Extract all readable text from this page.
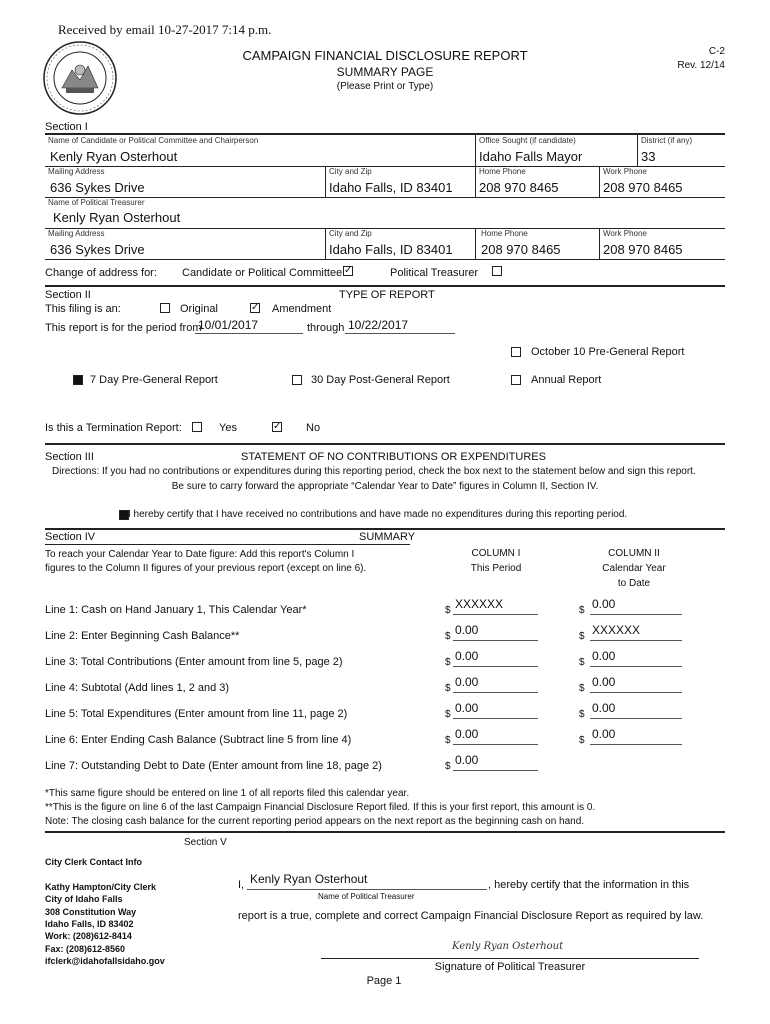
Received by email 10-27-2017 7:14 p.m.
CAMPAIGN FINANCIAL DISCLOSURE REPORT
SUMMARY PAGE
(Please Print or Type)
C-2
Rev. 12/14
Section I
Name of Candidate or Political Committee and Chairperson
Kenly Ryan Osterhout
Office Sought (if candidate)
Idaho Falls Mayor
District (if any)
33
Mailing Address
636 Sykes Drive
City and Zip
Idaho Falls, ID 83401
Home Phone
208 970 8465
Work Phone
208 970 8465
Name of Political Treasurer
Kenly Ryan Osterhout
Mailing Address
636 Sykes Drive
City and Zip
Idaho Falls, ID 83401
Home Phone
208 970 8465
Work Phone
208 970 8465
Change of address for: Candidate or Political Committee ✓	Political Treasurer
Section II	TYPE OF REPORT
This filing is an:	Original	✓ Amendment
This report is for the period from
10/01/2017	through 10/22/2017
October 10 Pre-General Report
7 Day Pre-General Report	30 Day Post-General Report	Annual Report
Is this a Termination Report:	Yes	✓ No
Section III	STATEMENT OF NO CONTRIBUTIONS OR EXPENDITURES
Directions: If you had no contributions or expenditures during this reporting period, check the box next to the statement below and sign this report.
Be sure to carry forward the appropriate “Calendar Year to Date” figures in Column II, Section IV.
I hereby certify that I have received no contributions and have made no expenditures during this reporting period.
Section IV	SUMMARY
To reach your Calendar Year to Date figure: Add this report's Column I
figures to the Column II figures of your previous report (except on line 6).
COLUMN I
This Period
COLUMN II
Calendar Year
to Date
Line 1: Cash on Hand January 1, This Calendar Year*	$ XXXXXX	$ 0.00
Line 2: Enter Beginning Cash Balance**	$ 0.00	$ XXXXXX
Line 3: Total Contributions (Enter amount from line 5, page 2)	$ 0.00	$ 0.00
Line 4: Subtotal (Add lines 1, 2 and 3)	$ 0.00	$ 0.00
Line 5: Total Expenditures (Enter amount from line 11, page 2)	$ 0.00	$ 0.00
Line 6: Enter Ending Cash Balance (Subtract line 5 from line 4)	$ 0.00	$ 0.00
Line 7: Outstanding Debt to Date (Enter amount from line 18, page 2)	$ 0.00
*This same figure should be entered on line 1 of all reports filed this calendar year.
**This is the figure on line 6 of the last Campaign Financial Disclosure Report filed. If this is your first report, this amount is 0.
Note: The closing cash balance for the current reporting period appears on the next report as the beginning cash on hand.
Section V
City Clerk Contact Info
Kathy Hampton/City Clerk
City of Idaho Falls
308 Constitution Way
Idaho Falls, ID 83402
Work: (208)612-8414
Fax: (208)612-8560
ifclerk@idahofallsidaho.gov
I, Kenly Ryan Osterhout
Name of Political Treasurer
, hereby certify that the information in this
report is a true, complete and correct Campaign Financial Disclosure Report as required by law.
Kenly Ryan Osterhout
Signature of Political Treasurer
Page 1
